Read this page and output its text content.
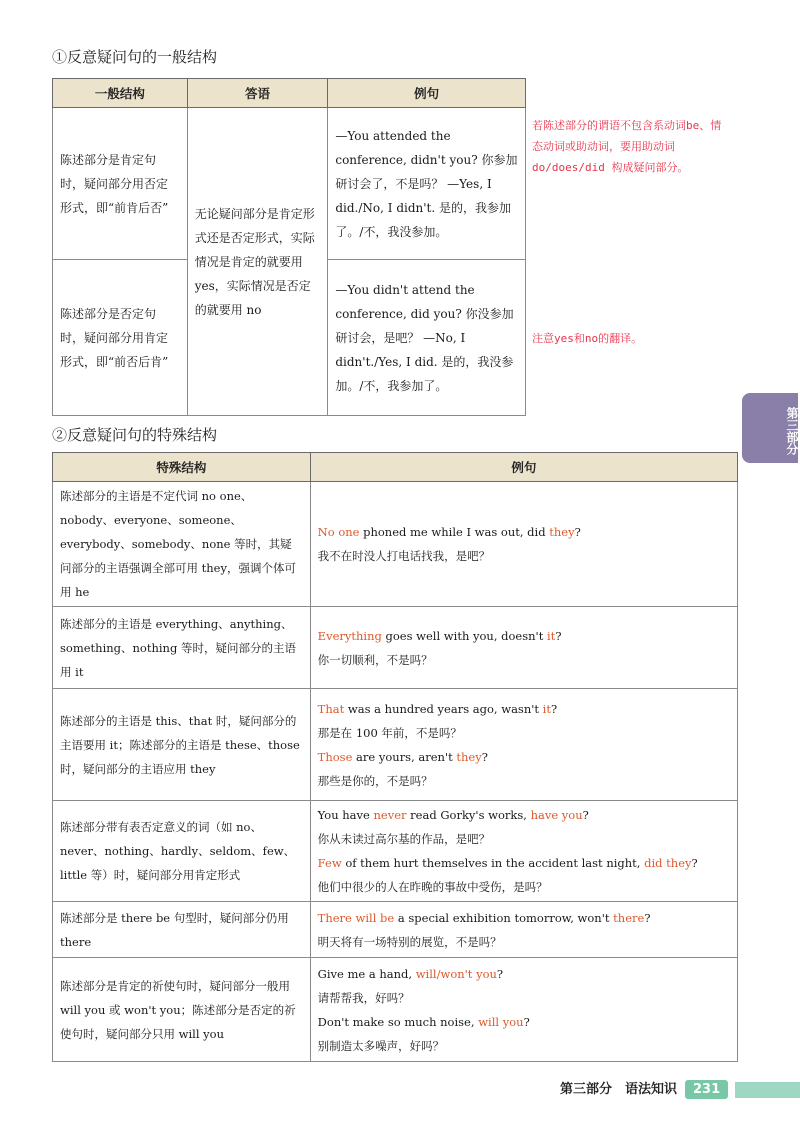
①反意疑问句的一般结构
一般结构	答语	例句
陈述部分是肯定句时，疑问部分用否定形式，即“前肯后否”	无论疑问部分是肯定形式还是否定形式，实际情况是肯定的就要用 yes，实际情况是否定的就要用 no	—You attended the conference, didn't you? 你参加研讨会了，不是吗？ —Yes, I did./No, I didn't. 是的，我参加了。/不，我没参加。
陈述部分是否定句时，疑问部分用肯定形式，即“前否后肯”		—You didn't attend the conference, did you? 你没参加研讨会，是吧？ —No, I didn't./Yes, I did. 是的，我没参加。/不，我参加了。
若陈述部分的谓语不包含系动词be、情态动词或助动词，要用助动词do/does/did 构成疑问部分。
注意yes和no的翻译。
②反意疑问句的特殊结构
特殊结构	例句
陈述部分的主语是不定代词 no one、nobody、everyone、someone、everybody、somebody、none 等时，其疑问部分的主语强调全部可用 they，强调个体可用 he	No one phoned me while I was out, did they?
我不在时没人打电话找我，是吧？

陈述部分的主语是 everything、anything、something、nothing 等时，疑问部分的主语用 it	Everything goes well with you, doesn't it?
你一切顺利，不是吗？

陈述部分的主语是 this、that 时，疑问部分的主语要用 it；陈述部分的主语是 these、those 时，疑问部分的主语应用 they	That was a hundred years ago, wasn't it?
那是在 100 年前，不是吗？
Those are yours, aren't they?
那些是你的，不是吗？

陈述部分带有表否定意义的词（如 no、never、nothing、hardly、seldom、few、little 等）时，疑问部分用肯定形式	You have never read Gorky's works, have you?
你从未读过高尔基的作品，是吧？
Few of them hurt themselves in the accident last night, did they?
他们中很少的人在昨晚的事故中受伤，是吗？

陈述部分是 there be 句型时，疑问部分仍用 there	There will be a special exhibition tomorrow, won't there?
明天将有一场特别的展览，不是吗？

陈述部分是肯定的祈使句时，疑问部分一般用 will you 或 won't you；陈述部分是否定的祈使句时，疑问部分只用 will you	Give me a hand, will/won't you?
请帮帮我，好吗？
Don't make so much noise, will you?
别制造太多噪声，好吗？
第三部分
第三部分　语法知识 231
